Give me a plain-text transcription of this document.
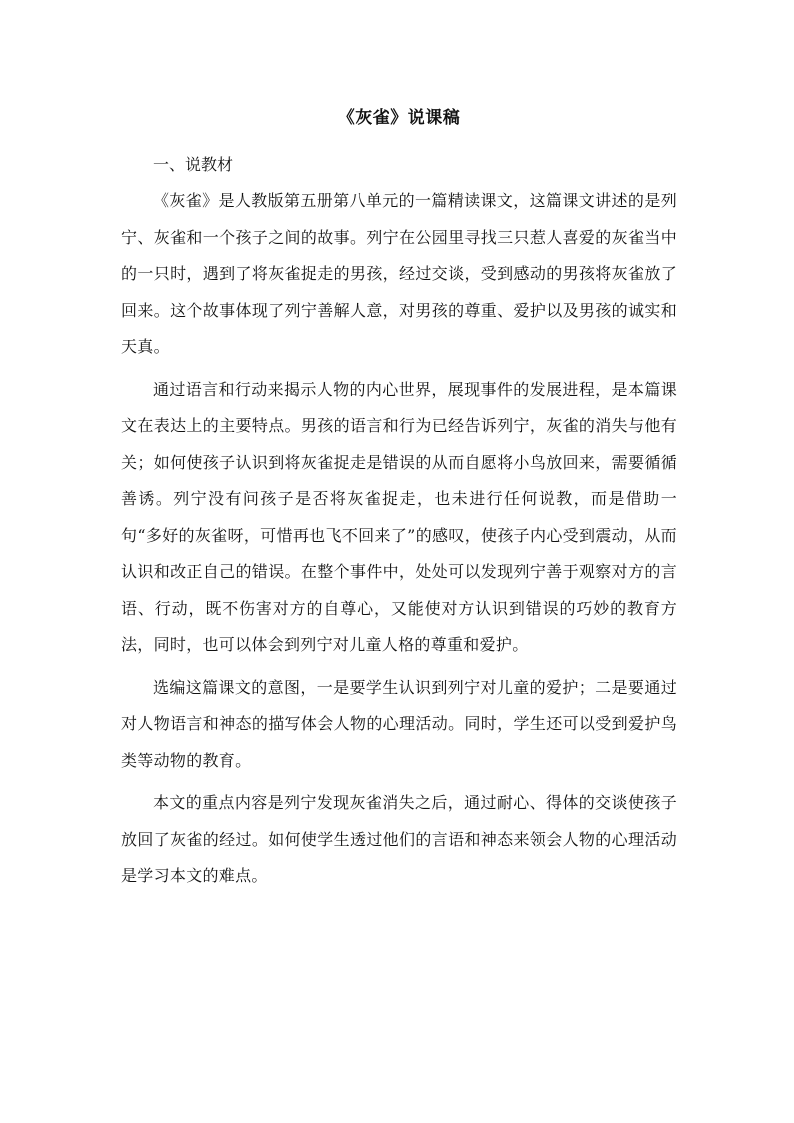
《灰雀》说课稿
一、说教材

《灰雀》是人教版第五册第八单元的一篇精读课文，这篇课文讲述的是列宁、灰雀和一个孩子之间的故事。列宁在公园里寻找三只惹人喜爱的灰雀当中的一只时，遇到了将灰雀捉走的男孩，经过交谈，受到感动的男孩将灰雀放了回来。这个故事体现了列宁善解人意，对男孩的尊重、爱护以及男孩的诚实和天真。

通过语言和行动来揭示人物的内心世界，展现事件的发展进程，是本篇课文在表达上的主要特点。男孩的语言和行为已经告诉列宁，灰雀的消失与他有关；如何使孩子认识到将灰雀捉走是错误的从而自愿将小鸟放回来，需要循循善诱。列宁没有问孩子是否将灰雀捉走，也未进行任何说教，而是借助一句“多好的灰雀呀，可惜再也飞不回来了”的感叹，使孩子内心受到震动，从而认识和改正自己的错误。在整个事件中，处处可以发现列宁善于观察对方的言语、行动，既不伤害对方的自尊心，又能使对方认识到错误的巧妙的教育方法，同时，也可以体会到列宁对儿童人格的尊重和爱护。

选编这篇课文的意图，一是要学生认识到列宁对儿童的爱护；二是要通过对人物语言和神态的描写体会人物的心理活动。同时，学生还可以受到爱护鸟类等动物的教育。

本文的重点内容是列宁发现灰雀消失之后，通过耐心、得体的交谈使孩子放回了灰雀的经过。如何使学生透过他们的言语和神态来领会人物的心理活动是学习本文的难点。
